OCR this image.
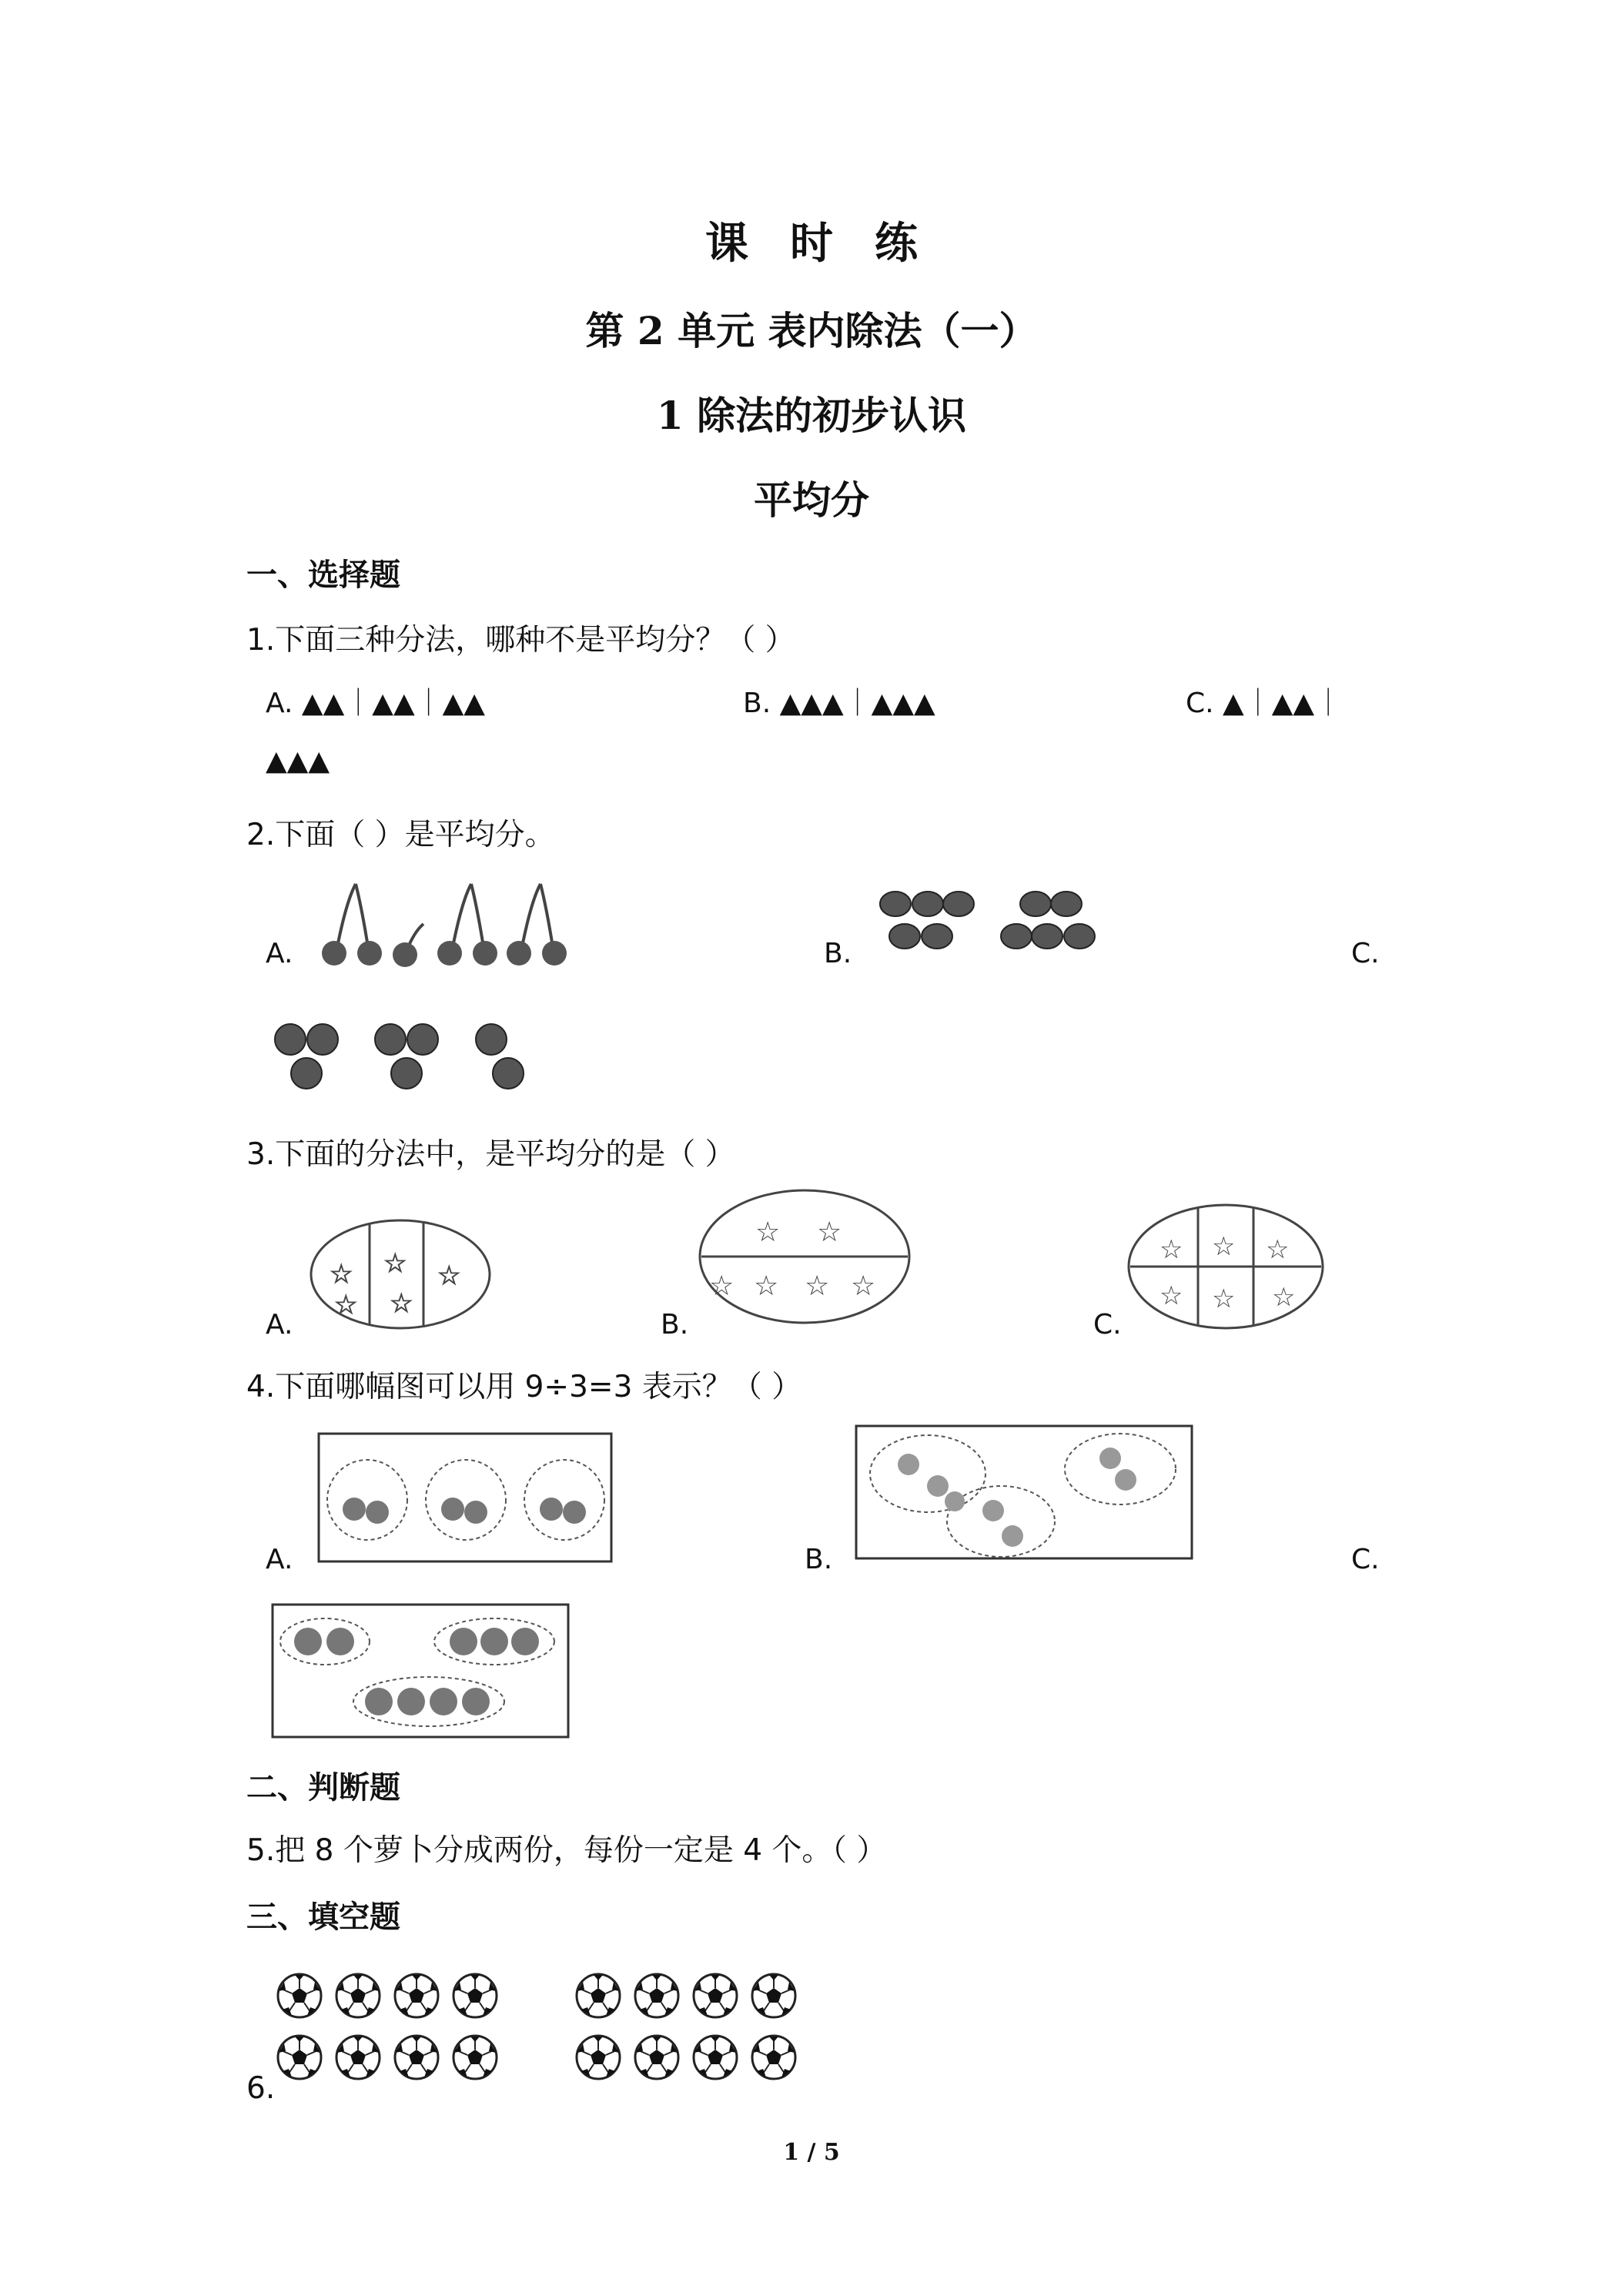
课时练
第 2 单元 表内除法（一）
1 除法的初步认识
平均分
一、选择题
1.下面三种分法，哪种不是平均分？（ ）
A. ▲▲｜▲▲｜▲▲	B. ▲▲▲｜▲▲▲	C. ▲｜▲▲｜
▲▲▲
2.下面（ ）是平均分。
A.	B.	C.
3.下面的分法中，是平均分的是（ ）
A.	B.	C.
☆
☆
☆
☆
☆
☆ ☆
☆ ☆ ☆ ☆
☆ ☆ ☆
☆ ☆ ☆
4.下面哪幅图可以用 9÷3=3 表示？（ ）
A.	B.	C.
二、判断题
5.把 8 个萝卜分成两份，每份一定是 4 个。（ ）
三、填空题
6.
1 / 5
